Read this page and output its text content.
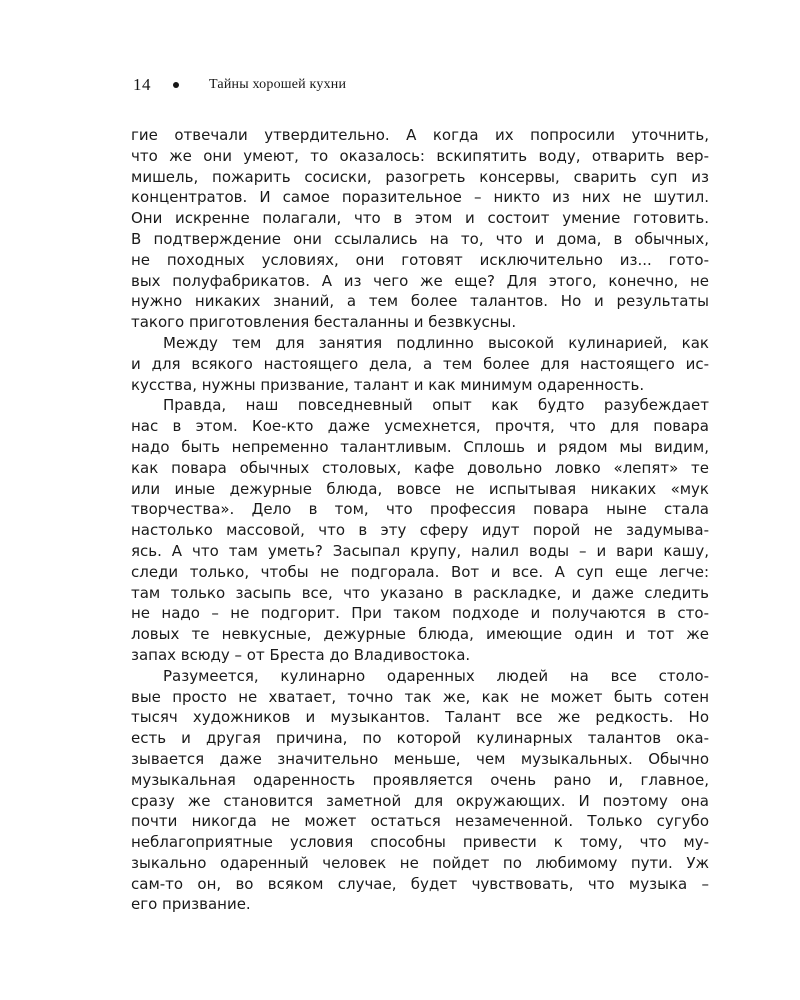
14	Тайны хорошей кухни
гие отвечали утвердительно. А когда их попросили уточнить,
что же они умеют, то оказалось: вскипятить воду, отварить вер-
мишель, пожарить сосиски, разогреть консервы, сварить суп из
концентратов. И самое поразительное – никто из них не шутил.
Они искренне полагали, что в этом и состоит умение готовить.
В подтверждение они ссылались на то, что и дома, в обычных,
не походных условиях, они готовят исключительно из... гото-
вых полуфабрикатов. А из чего же еще? Для этого, конечно, не
нужно никаких знаний, а тем более талантов. Но и результаты
такого приготовления бесталанны и безвкусны.
Между тем для занятия подлинно высокой кулинарией, как
и для всякого настоящего дела, а тем более для настоящего ис-
кусства, нужны призвание, талант и как минимум одаренность.
Правда, наш повседневный опыт как будто разубеждает
нас в этом. Кое-кто даже усмехнется, прочтя, что для повара
надо быть непременно талантливым. Сплошь и рядом мы видим,
как повара обычных столовых, кафе довольно ловко «лепят» те
или иные дежурные блюда, вовсе не испытывая никаких «мук
творчества». Дело в том, что профессия повара ныне стала
настолько массовой, что в эту сферу идут порой не задумыва-
ясь. А что там уметь? Засыпал крупу, налил воды – и вари кашу,
следи только, чтобы не подгорала. Вот и все. А суп еще легче:
там только засыпь все, что указано в раскладке, и даже следить
не надо – не подгорит. При таком подходе и получаются в сто-
ловых те невкусные, дежурные блюда, имеющие один и тот же
запах всюду – от Бреста до Владивостока.
Разумеется, кулинарно одаренных людей на все столо-
вые просто не хватает, точно так же, как не может быть сотен
тысяч художников и музыкантов. Талант все же редкость. Но
есть и другая причина, по которой кулинарных талантов ока-
зывается даже значительно меньше, чем музыкальных. Обычно
музыкальная одаренность проявляется очень рано и, главное,
сразу же становится заметной для окружающих. И поэтому она
почти никогда не может остаться незамеченной. Только сугубо
неблагоприятные условия способны привести к тому, что му-
зыкально одаренный человек не пойдет по любимому пути. Уж
сам-то он, во всяком случае, будет чувствовать, что музыка –
его призвание.
